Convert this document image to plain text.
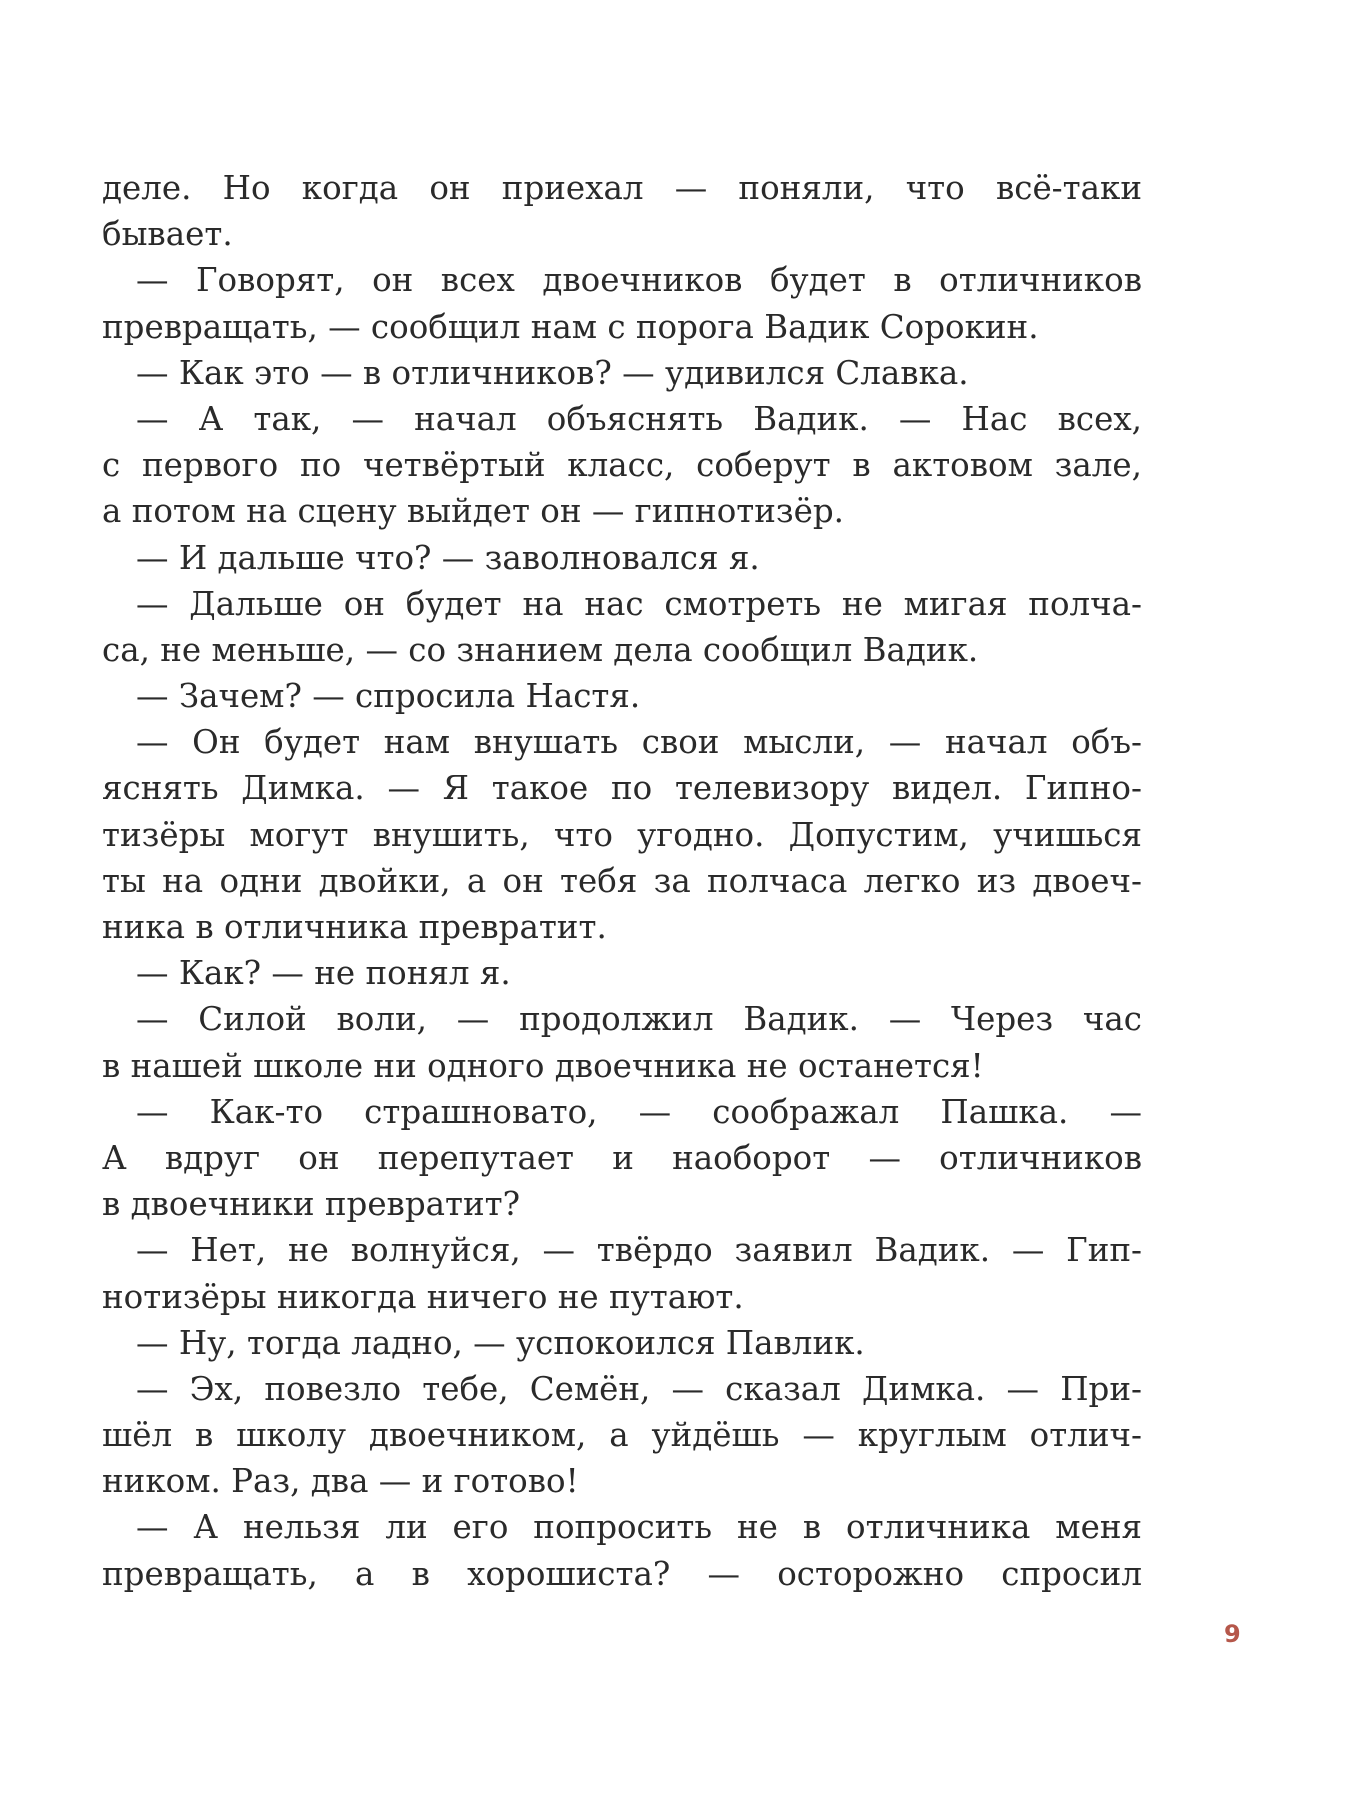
деле. Но когда он приехал — поняли, что всё-таки
бывает.
— Говорят, он всех двоечников будет в отличников
превращать, — сообщил нам с порога Вадик Сорокин.
— Как это — в отличников? — удивился Славка.
— А так, — начал объяснять Вадик. — Нас всех,
с первого по четвёртый класс, соберут в актовом зале,
а потом на сцену выйдет он — гипнотизёр.
— И дальше что? — заволновался я.
— Дальше он будет на нас смотреть не мигая полча-
са, не меньше, — со знанием дела сообщил Вадик.
— Зачем? — спросила Настя.
— Он будет нам внушать свои мысли, — начал объ-
яснять Димка. — Я такое по телевизору видел. Гипно-
тизёры могут внушить, что угодно. Допустим, учишься
ты на одни двойки, а он тебя за полчаса легко из двоеч-
ника в отличника превратит.
— Как? — не понял я.
— Силой воли, — продолжил Вадик. — Через час
в нашей школе ни одного двоечника не останется!
— Как-то страшновато, — соображал Пашка. —
А вдруг он перепутает и наоборот — отличников
в двоечники превратит?
— Нет, не волнуйся, — твёрдо заявил Вадик. — Гип-
нотизёры никогда ничего не путают.
— Ну, тогда ладно, — успокоился Павлик.
— Эх, повезло тебе, Семён, — сказал Димка. — При-
шёл в школу двоечником, а уйдёшь — круглым отлич-
ником. Раз, два — и готово!
— А нельзя ли его попросить не в отличника меня
превращать, а в хорошиста? — осторожно спросил
9
